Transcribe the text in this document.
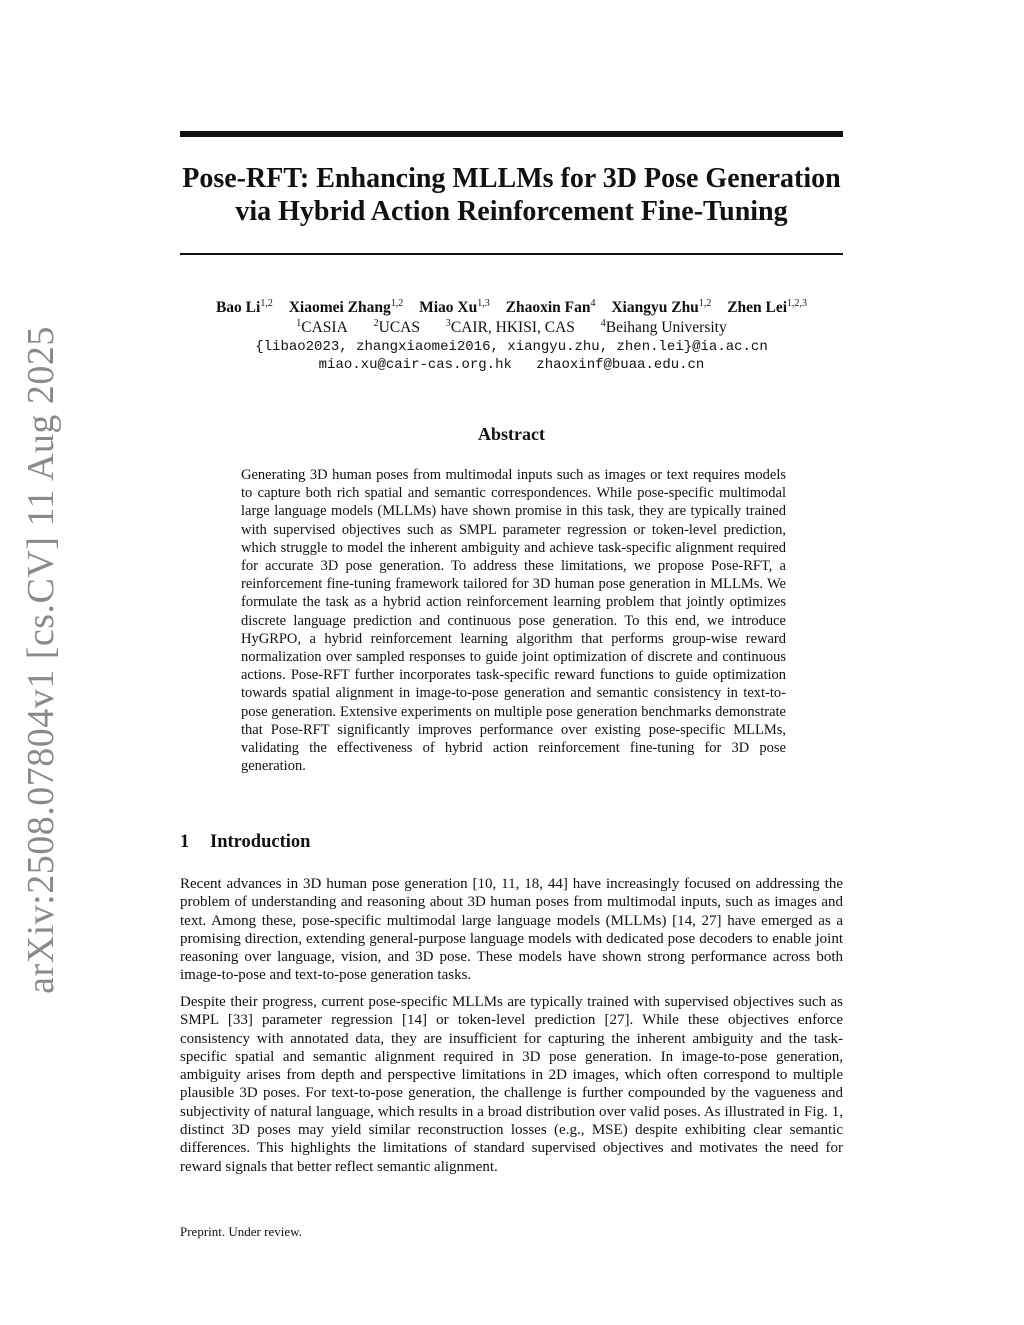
arXiv:2508.07804v1 [cs.CV] 11 Aug 2025
Pose-RFT: Enhancing MLLMs for 3D Pose Generation
via Hybrid Action Reinforcement Fine-Tuning
Bao Li$^{1,2}$ Xiaomei Zhang$^{1,2}$ Miao Xu$^{1,3}$ Zhaoxin Fan$^4$ Xiangyu Zhu$^{1,2}$ Zhen Lei$^{1,2,3}$
$^1$CASIA	$^2$UCAS	$^3$CAIR, HKISI, CAS	$^4$Beihang University
{libao2023, zhangxiaomei2016, xiangyu.zhu, zhen.lei}@ia.ac.cn
miao.xu@cair-cas.org.hk zhaoxinf@buaa.edu.cn
Abstract

Generating 3D human poses from multimodal inputs such as images or text requires models to capture both rich spatial and semantic correspondences. While pose-specific multimodal large language models (MLLMs) have shown promise in this task, they are typically trained with supervised objectives such as SMPL parameter regression or token-level prediction, which struggle to model the inherent ambiguity and achieve task-specific alignment required for accurate 3D pose generation. To address these limitations, we propose Pose-RFT, a reinforcement fine-tuning framework tailored for 3D human pose generation in MLLMs. We formulate the task as a hybrid action reinforcement learning problem that jointly optimizes discrete language prediction and continuous pose generation. To this end, we introduce HyGRPO, a hybrid reinforcement learning algorithm that performs group-wise reward normalization over sampled responses to guide joint optimization of discrete and continuous actions. Pose-RFT further incorporates task-specific reward functions to guide optimization towards spatial alignment in image-to-pose generation and semantic consistency in text-to-pose generation. Extensive experiments on multiple pose generation benchmarks demonstrate that Pose-RFT significantly improves performance over existing pose-specific MLLMs, validating the effectiveness of hybrid action reinforcement fine-tuning for 3D pose generation.

1 Introduction

Recent advances in 3D human pose generation [10, 11, 18, 44] have increasingly focused on addressing the problem of understanding and reasoning about 3D human poses from multimodal inputs, such as images and text. Among these, pose-specific multimodal large language models (MLLMs) [14, 27] have emerged as a promising direction, extending general-purpose language models with dedicated pose decoders to enable joint reasoning over language, vision, and 3D pose. These models have shown strong performance across both image-to-pose and text-to-pose generation tasks.

Despite their progress, current pose-specific MLLMs are typically trained with supervised objectives such as SMPL [33] parameter regression [14] or token-level prediction [27]. While these objectives enforce consistency with annotated data, they are insufficient for capturing the inherent ambiguity and the task-specific spatial and semantic alignment required in 3D pose generation. In image-to-pose generation, ambiguity arises from depth and perspective limitations in 2D images, which often correspond to multiple plausible 3D poses. For text-to-pose generation, the challenge is further compounded by the vagueness and subjectivity of natural language, which results in a broad distribution over valid poses. As illustrated in Fig. 1, distinct 3D poses may yield similar reconstruction losses (e.g., MSE) despite exhibiting clear semantic differences. This highlights the limitations of standard supervised objectives and motivates the need for reward signals that better reflect semantic alignment.

Preprint. Under review.
